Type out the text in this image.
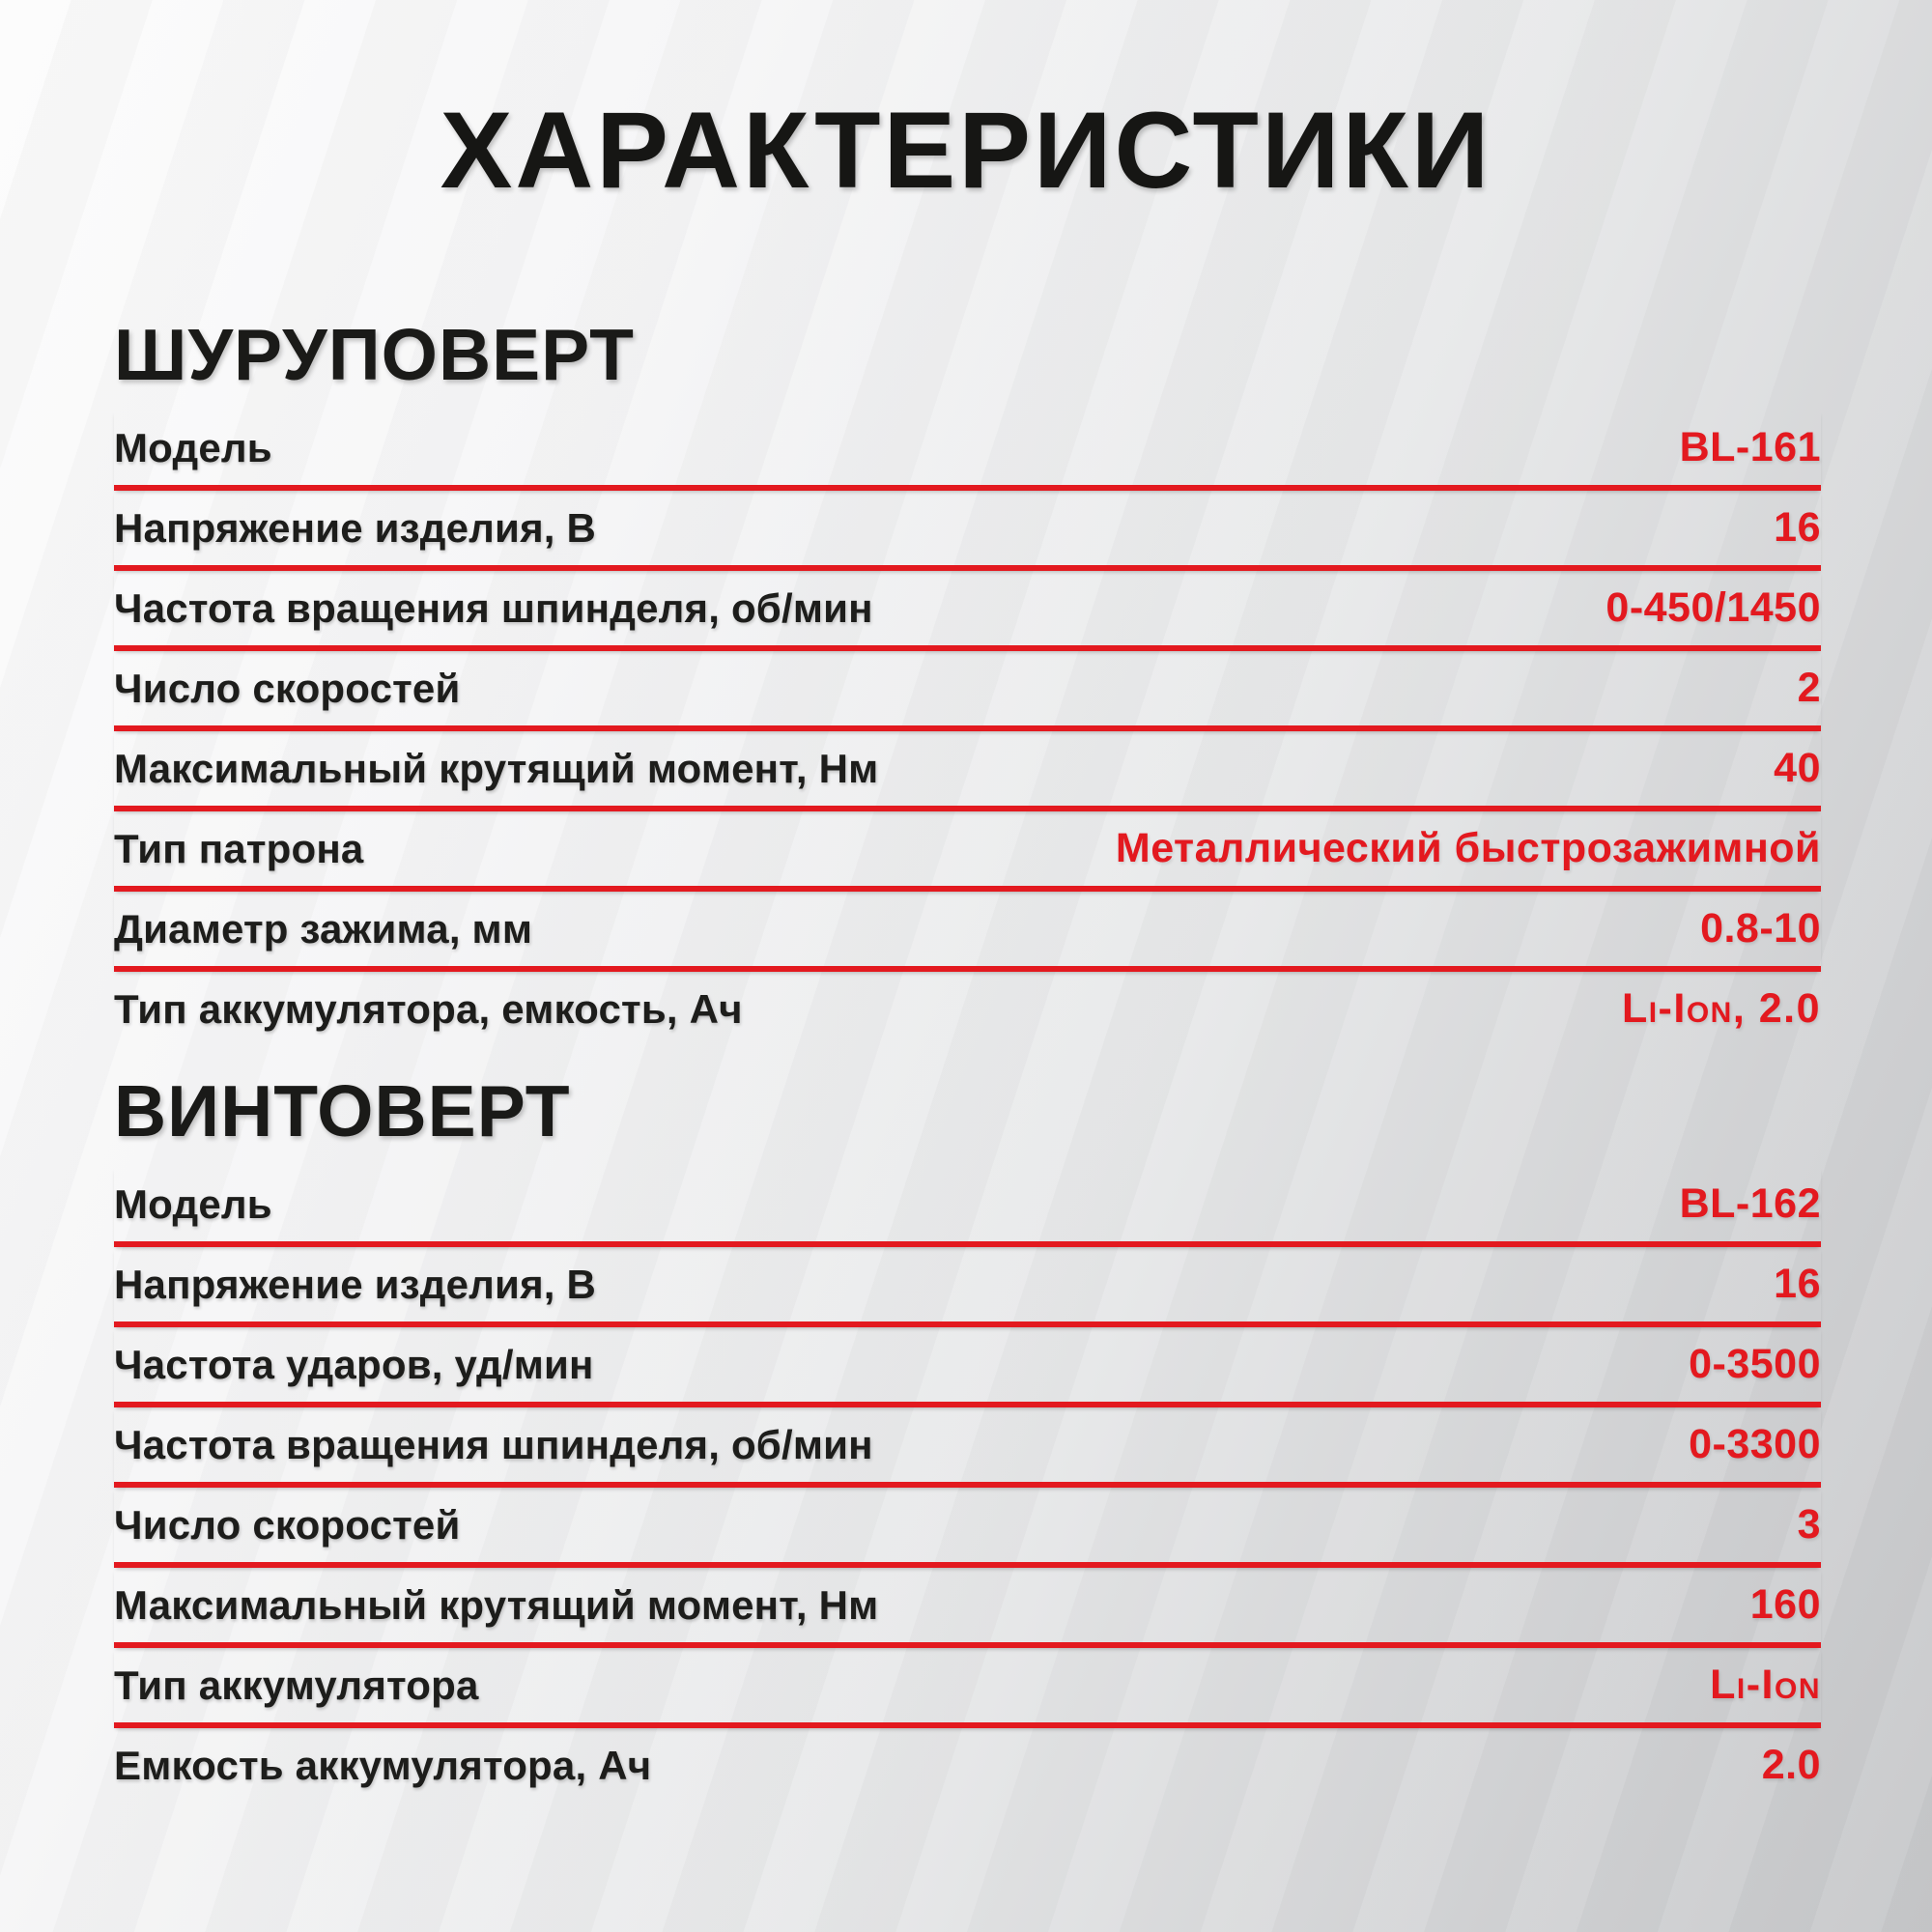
ХАРАКТЕРИСТИКИ
ШУРУПОВЕРТ
Модель	BL-161
Напряжение изделия, В	16
Частота вращения шпинделя, об/мин	0-450/1450
Число скоростей	2
Максимальный крутящий момент, Нм	40
Тип патрона	Металлический быстрозажимной
Диаметр зажима, мм	0.8-10
Тип аккумулятора, емкость, Ач	Li-Ion, 2.0
ВИНТОВЕРТ
Модель	BL-162
Напряжение изделия, В	16
Частота ударов, уд/мин	0-3500
Частота вращения шпинделя, об/мин	0-3300
Число скоростей	3
Максимальный крутящий момент, Нм	160
Тип аккумулятора	Li-Ion
Емкость аккумулятора, Ач	2.0
